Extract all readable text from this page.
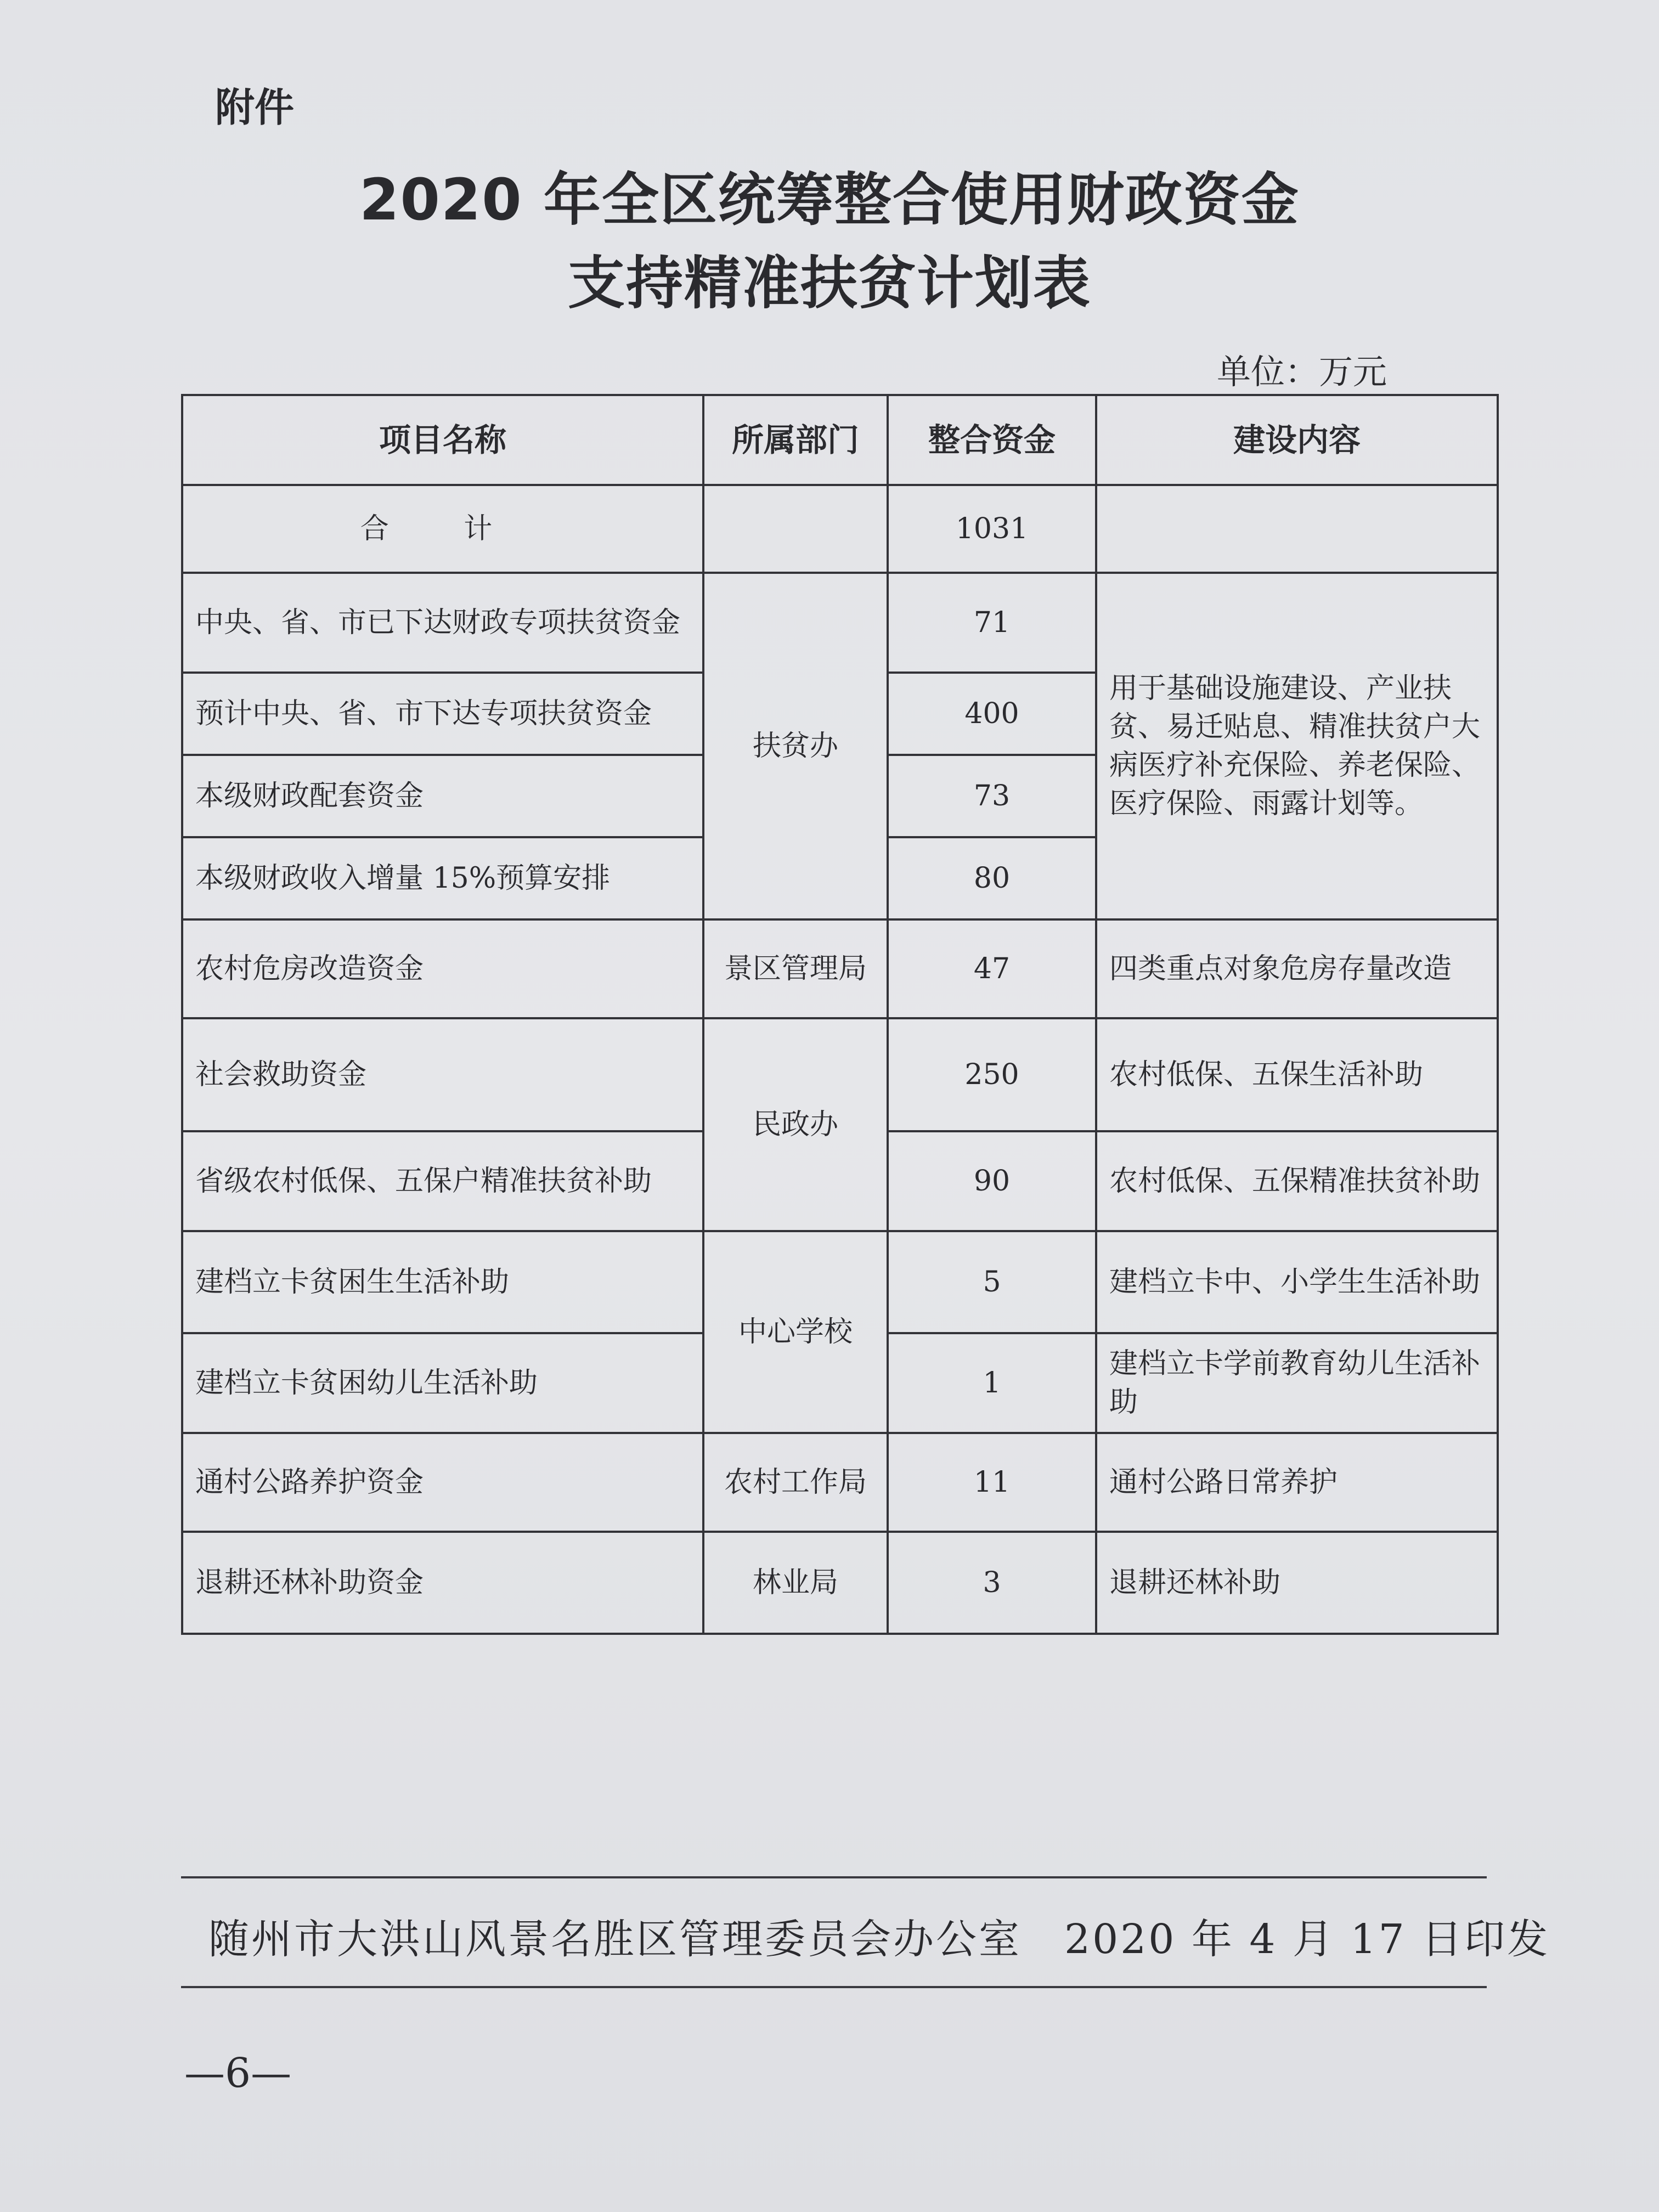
附件
2020 年全区统筹整合使用财政资金
支持精准扶贫计划表
单位：万元
项目名称	所属部门	整合资金	建设内容
合 计		1031	
中央、省、市已下达财政专项扶贫资金	扶贫办	71	用于基础设施建设、产业扶贫、易迁贴息、精准扶贫户大病医疗补充保险、养老保险、医疗保险、雨露计划等。
预计中央、省、市下达专项扶贫资金		400	
本级财政配套资金		73	
本级财政收入增量 15%预算安排		80	
农村危房改造资金	景区管理局	47	四类重点对象危房存量改造
社会救助资金	民政办	250	农村低保、五保生活补助
省级农村低保、五保户精准扶贫补助		90	农村低保、五保精准扶贫补助
建档立卡贫困生生活补助	中心学校	5	建档立卡中、小学生生活补助
建档立卡贫困幼儿生活补助		1	建档立卡学前教育幼儿生活补助
通村公路养护资金	农村工作局	11	通村公路日常养护
退耕还林补助资金	林业局	3	退耕还林补助
随州市大洪山风景名胜区管理委员会办公室 2020 年 4 月 17 日印发
—6—
